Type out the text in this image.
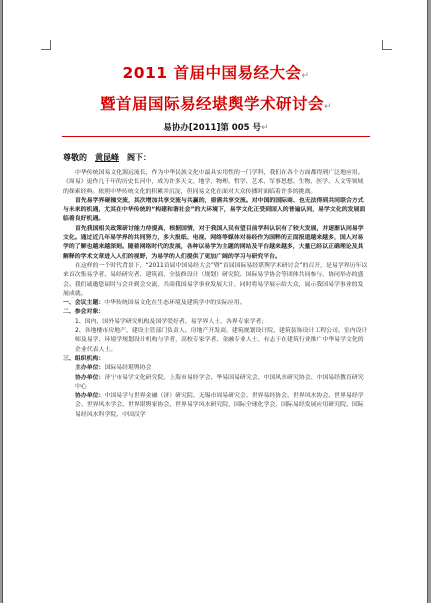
2011 首届中国易经大会↵
暨首届国际易经堪舆学术研讨会↵
易协办[2011]第 005 号↵
尊敬的 黄昆峰 阁下：

中华传统国易文化源远流长，作为中华民族文化中最具实用性的一门学科，我们在各个方面都得到广泛地应用。《周易》更作几千年的历史长河中，成为许多天文、地学、物理、哲学、艺术、军事思想、生物、医学、人文等领域的探索经典。依照中华传统文化的积累并沉淀，但同易文化在面对大众传播时面临着许多的挑战。

首先易学界碰撞交流，其次增加共享交流与共赢的，亟需共享交流。对中国的国际商、也无法得到共同联合方式与未来的机遇，尤其在中华传统的“构建和谐社会”的大环境下，易学文化正受到国人的普遍认同，易学文化的发展面临着良好机遇。

首先我国相关政策研讨能力待提高，根据国情，对于我国人民有望目前学科认识有了较大发展，并逐渐认同易学文化。通过近几年易学界的共同努力，多大报纸、电视、网络等媒体对易经作为国粹的正面报道越来越多，国人对易学的了解也越来越深刻。随着网络时代的发展，各种以易学为主题的网站及平台越来越多，大量已经以正确理论及其解释的学术文章进入人们的视野，为易学的人们提供了更加广阔的学习与研究平台。

在这样的一个时代背景下，“2011首届中国易经大会”暨“首届国际易经堪舆学术研讨会”的召开，是易学界历年以来首次集易学者、易经研究者、建筑商、全装修设计（规划）研究院、国际易学协会等团体共同参与、协同举办的盛会。我们诚邀您届时与会并到会交流，共商我国易学事业发展大计，同时将易学展示给大众，展示我国易学事业的发展成就。

一、会议主题：中华传统国易文化在生态环境及建筑学中的实际应用。

二、参会对象：

1、国内、国外易学研究机构及国学爱好者、易学界人士、各界专家学者；

2、各地楼市房地产、建设主管部门负责人、房地产开发商、建筑规划设计院、建筑装饰设计工程公司、室内设计师及易学、环境学规划设计机构与学者，高校专家学者、金融专业人士、有志于在建筑行业推广中华易学文化的企业代表人士。

三、组织机构：

主办单位：国际易经堪舆协会

协办单位：济宁市易学文化研究院、上海市易经学会、华易国易研究会、中国风水研究协会、中国易经教育研究中心

协办单位：中国易学与世界金融（济）研究院、无锡市周易研究会、世界易经协会、世界风水协会、世界易经学会、世界风水学会、世界堪舆家协会、世界易学风水研究院、国际全球化学会、国际易经发展应用研究院、国际易经风水科学院、中国汉学
